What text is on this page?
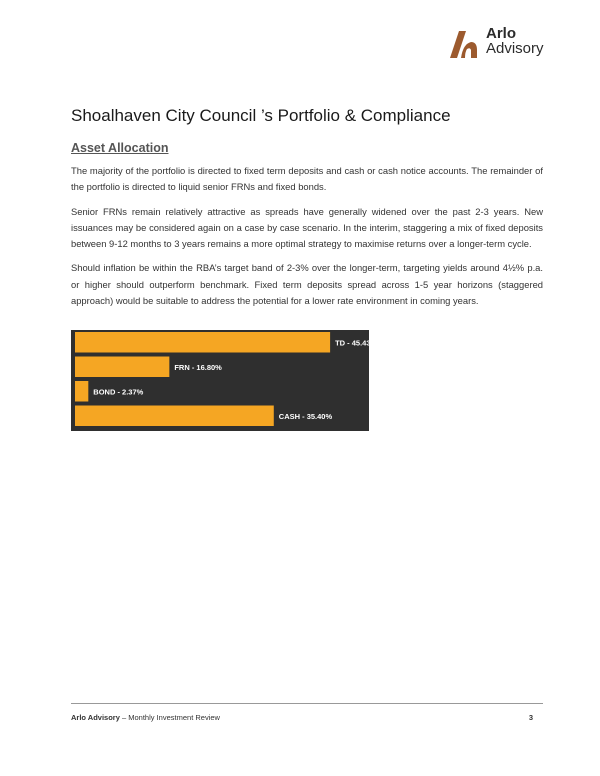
Arlo
Advisory
Shoalhaven City Council ’s Portfolio & Compliance
Asset Allocation

The majority of the portfolio is directed to fixed term deposits and cash or cash notice accounts. The remainder of the portfolio is directed to liquid senior FRNs and fixed bonds.

Senior FRNs remain relatively attractive as spreads have generally widened over the past 2-3 years. New issuances may be considered again on a case by case scenario. In the interim, staggering a mix of fixed deposits between 9-12 months to 3 years remains a more optimal strategy to maximise returns over a longer-term cycle.

Should inflation be within the RBA’s target band of 2-3% over the longer-term, targeting yields around 4½% p.a. or higher should outperform benchmark. Fixed term deposits spread across 1-5 year horizons (staggered approach) would be suitable to address the potential for a lower rate environment in coming years.

TD - 45.43%
FRN - 16.80%
BOND - 2.37%
CASH - 35.40%
Arlo Advisory – Monthly Investment Review	3
